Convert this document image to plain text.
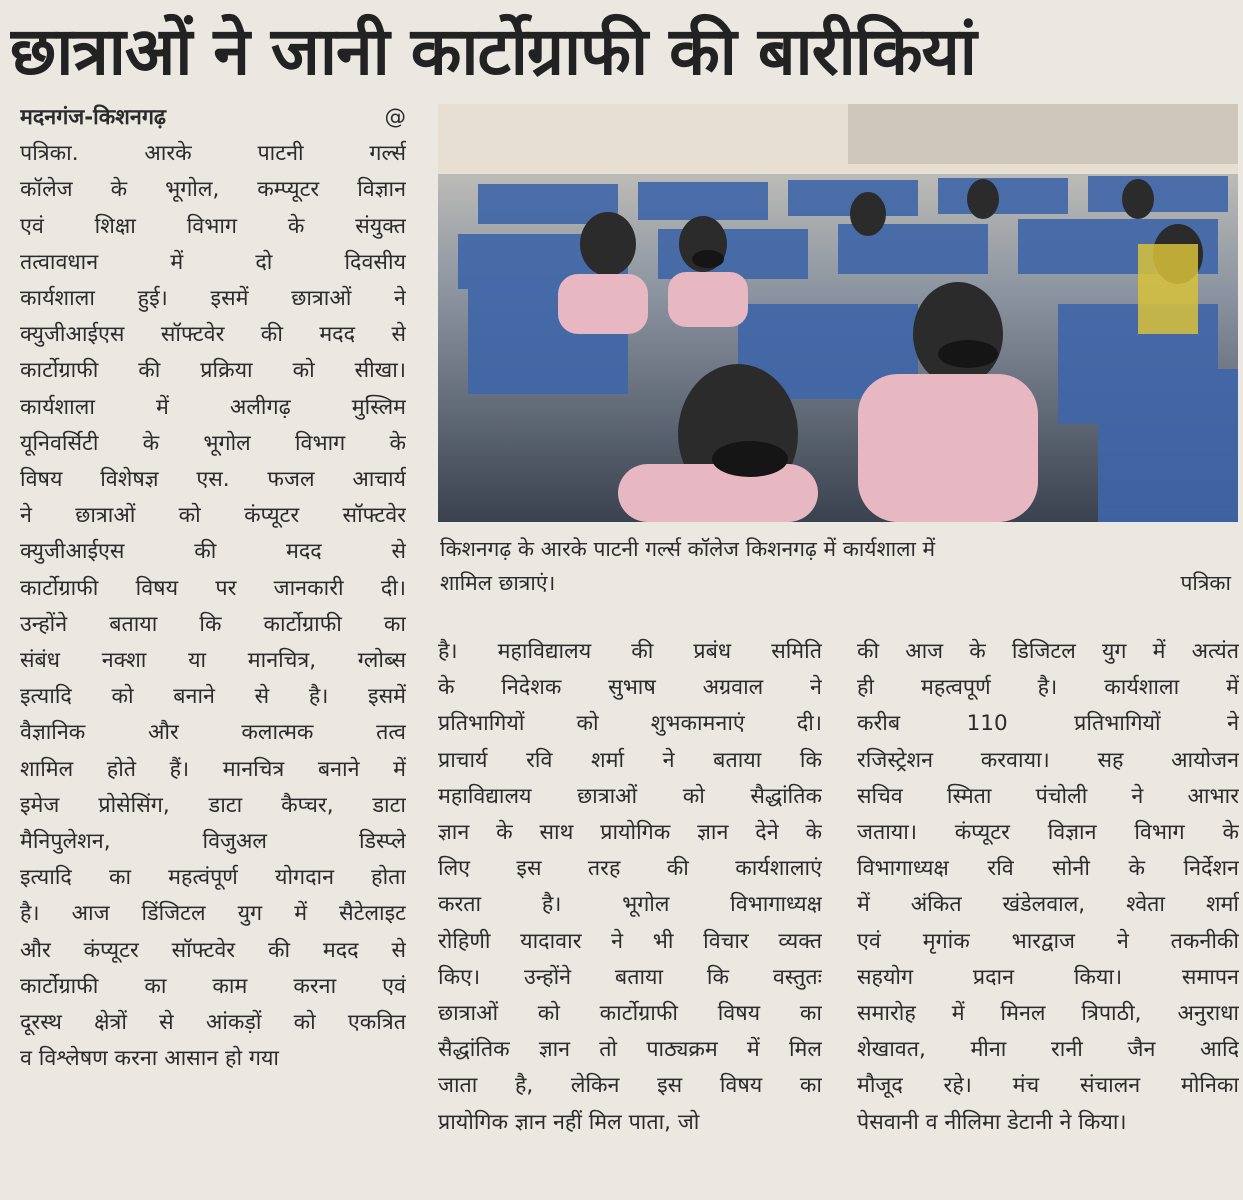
छात्राओं ने जानी कार्टोग्राफी की बारीकियां
मदनगंज-किशनगढ़	@
पत्रिका. आरके पाटनी गर्ल्स
कॉलेज के भूगोल, कम्प्यूटर विज्ञान
एवं शिक्षा विभाग के संयुक्त
तत्वावधान में दो दिवसीय
कार्यशाला हुई। इसमें छात्राओं ने
क्युजीआईएस सॉफ्टवेर की मदद से
कार्टोग्राफी की प्रक्रिया को सीखा।
कार्यशाला में अलीगढ़ मुस्लिम
यूनिवर्सिटी के भूगोल विभाग के
विषय विशेषज्ञ एस. फजल आचार्य
ने छात्राओं को कंप्यूटर सॉफ्टवेर
क्युजीआईएस की मदद से
कार्टोग्राफी विषय पर जानकारी दी।
उन्होंने बताया कि कार्टोग्राफी का
संबंध नक्शा या मानचित्र, ग्लोब्स
इत्यादि को बनाने से है। इसमें
वैज्ञानिक और कलात्मक तत्व
शामिल होते हैं। मानचित्र बनाने में
इमेज प्रोसेसिंग, डाटा कैप्चर, डाटा
मैनिपुलेशन, विजुअल डिस्प्ले
इत्यादि का महत्वंपूर्ण योगदान होता
है। आज डिंजिटल युग में सैटेलाइट
और कंप्यूटर सॉफ्टवेर की मदद से
कार्टोग्राफी का काम करना एवं
दूरस्थ क्षेत्रों से आंकड़ों को एकत्रित
व विश्लेषण करना आसान हो गया
किशनगढ़ के आरके पाटनी गर्ल्स कॉलेज किशनगढ़ में कार्यशाला में
शामिल छात्राएं।	पत्रिका
है। महाविद्यालय की प्रबंध समिति
के निदेशक सुभाष अग्रवाल ने
प्रतिभागियों को शुभकामनाएं दी।
प्राचार्य रवि शर्मा ने बताया कि
महाविद्यालय छात्राओं को सैद्धांतिक
ज्ञान के साथ प्रायोगिक ज्ञान देने के
लिए इस तरह की कार्यशालाएं
करता है। भूगोल विभागाध्यक्ष
रोहिणी यादावार ने भी विचार व्यक्त
किए। उन्होंने बताया कि वस्तुतः
छात्राओं को कार्टोग्राफी विषय का
सैद्धांतिक ज्ञान तो पाठ्यक्रम में मिल
जाता है, लेकिन इस विषय का
प्रायोगिक ज्ञान नहीं मिल पाता, जो
की आज के डिजिटल युग में अत्यंत
ही महत्वपूर्ण है। कार्यशाला में
करीब 110 प्रतिभागियों ने
रजिस्ट्रेशन करवाया। सह आयोजन
सचिव स्मिता पंचोली ने आभार
जताया। कंप्यूटर विज्ञान विभाग के
विभागाध्यक्ष रवि सोनी के निर्देशन
में अंकित खंडेलवाल, श्वेता शर्मा
एवं मृगांक भारद्वाज ने तकनीकी
सहयोग प्रदान किया। समापन
समारोह में मिनल त्रिपाठी, अनुराधा
शेखावत, मीना रानी जैन आदि
मौजूद रहे। मंच संचालन मोनिका
पेसवानी व नीलिमा डेटानी ने किया।
